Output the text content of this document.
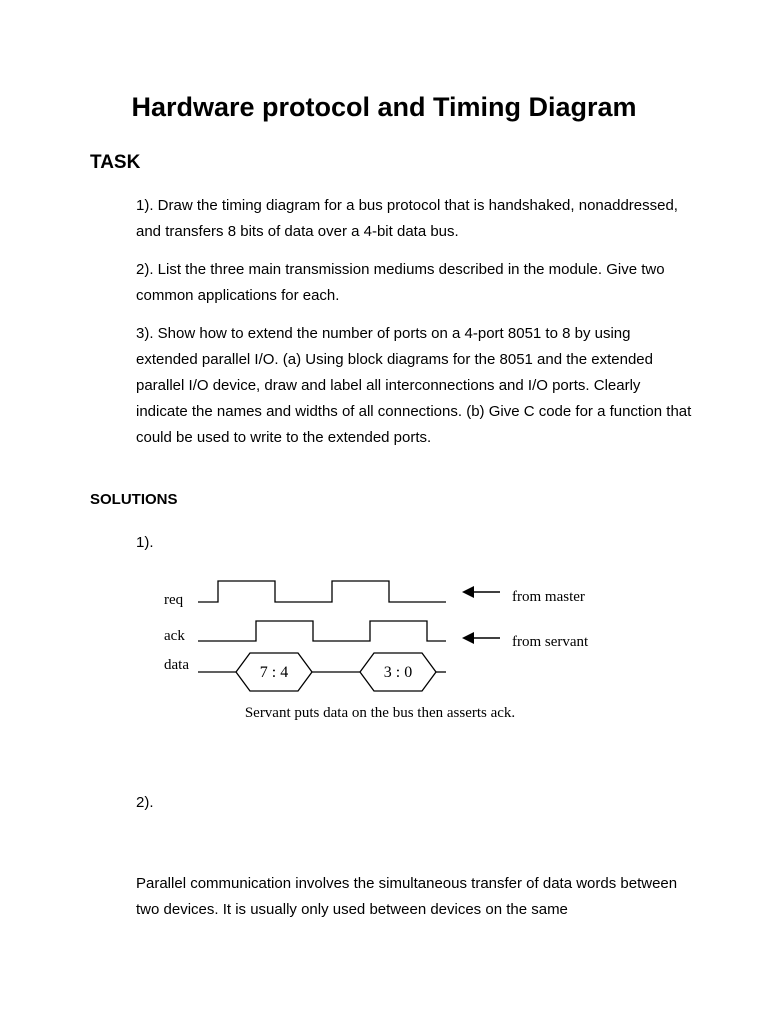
Hardware protocol and Timing Diagram
TASK

1). Draw the timing diagram for a bus protocol that is handshaked, nonaddressed, and transfers 8 bits of data over a 4-bit data bus.

2). List the three main transmission mediums described in the module. Give two common applications for each.

3). Show how to extend the number of ports on a 4-port 8051 to 8 by using extended parallel I/O. (a) Using block diagrams for the 8051 and the extended parallel I/O device, draw and label all interconnections and I/O ports. Clearly indicate the names and widths of all connections. (b) Give C code for a function that could be used to write to the extended ports.

SOLUTIONS

1).

req
ack
data	7 : 4	3 : 0
from master
from servant
Servant puts data on the bus then asserts ack.

2).

Parallel communication involves the simultaneous transfer of data words between two devices. It is usually only used between devices on the same
